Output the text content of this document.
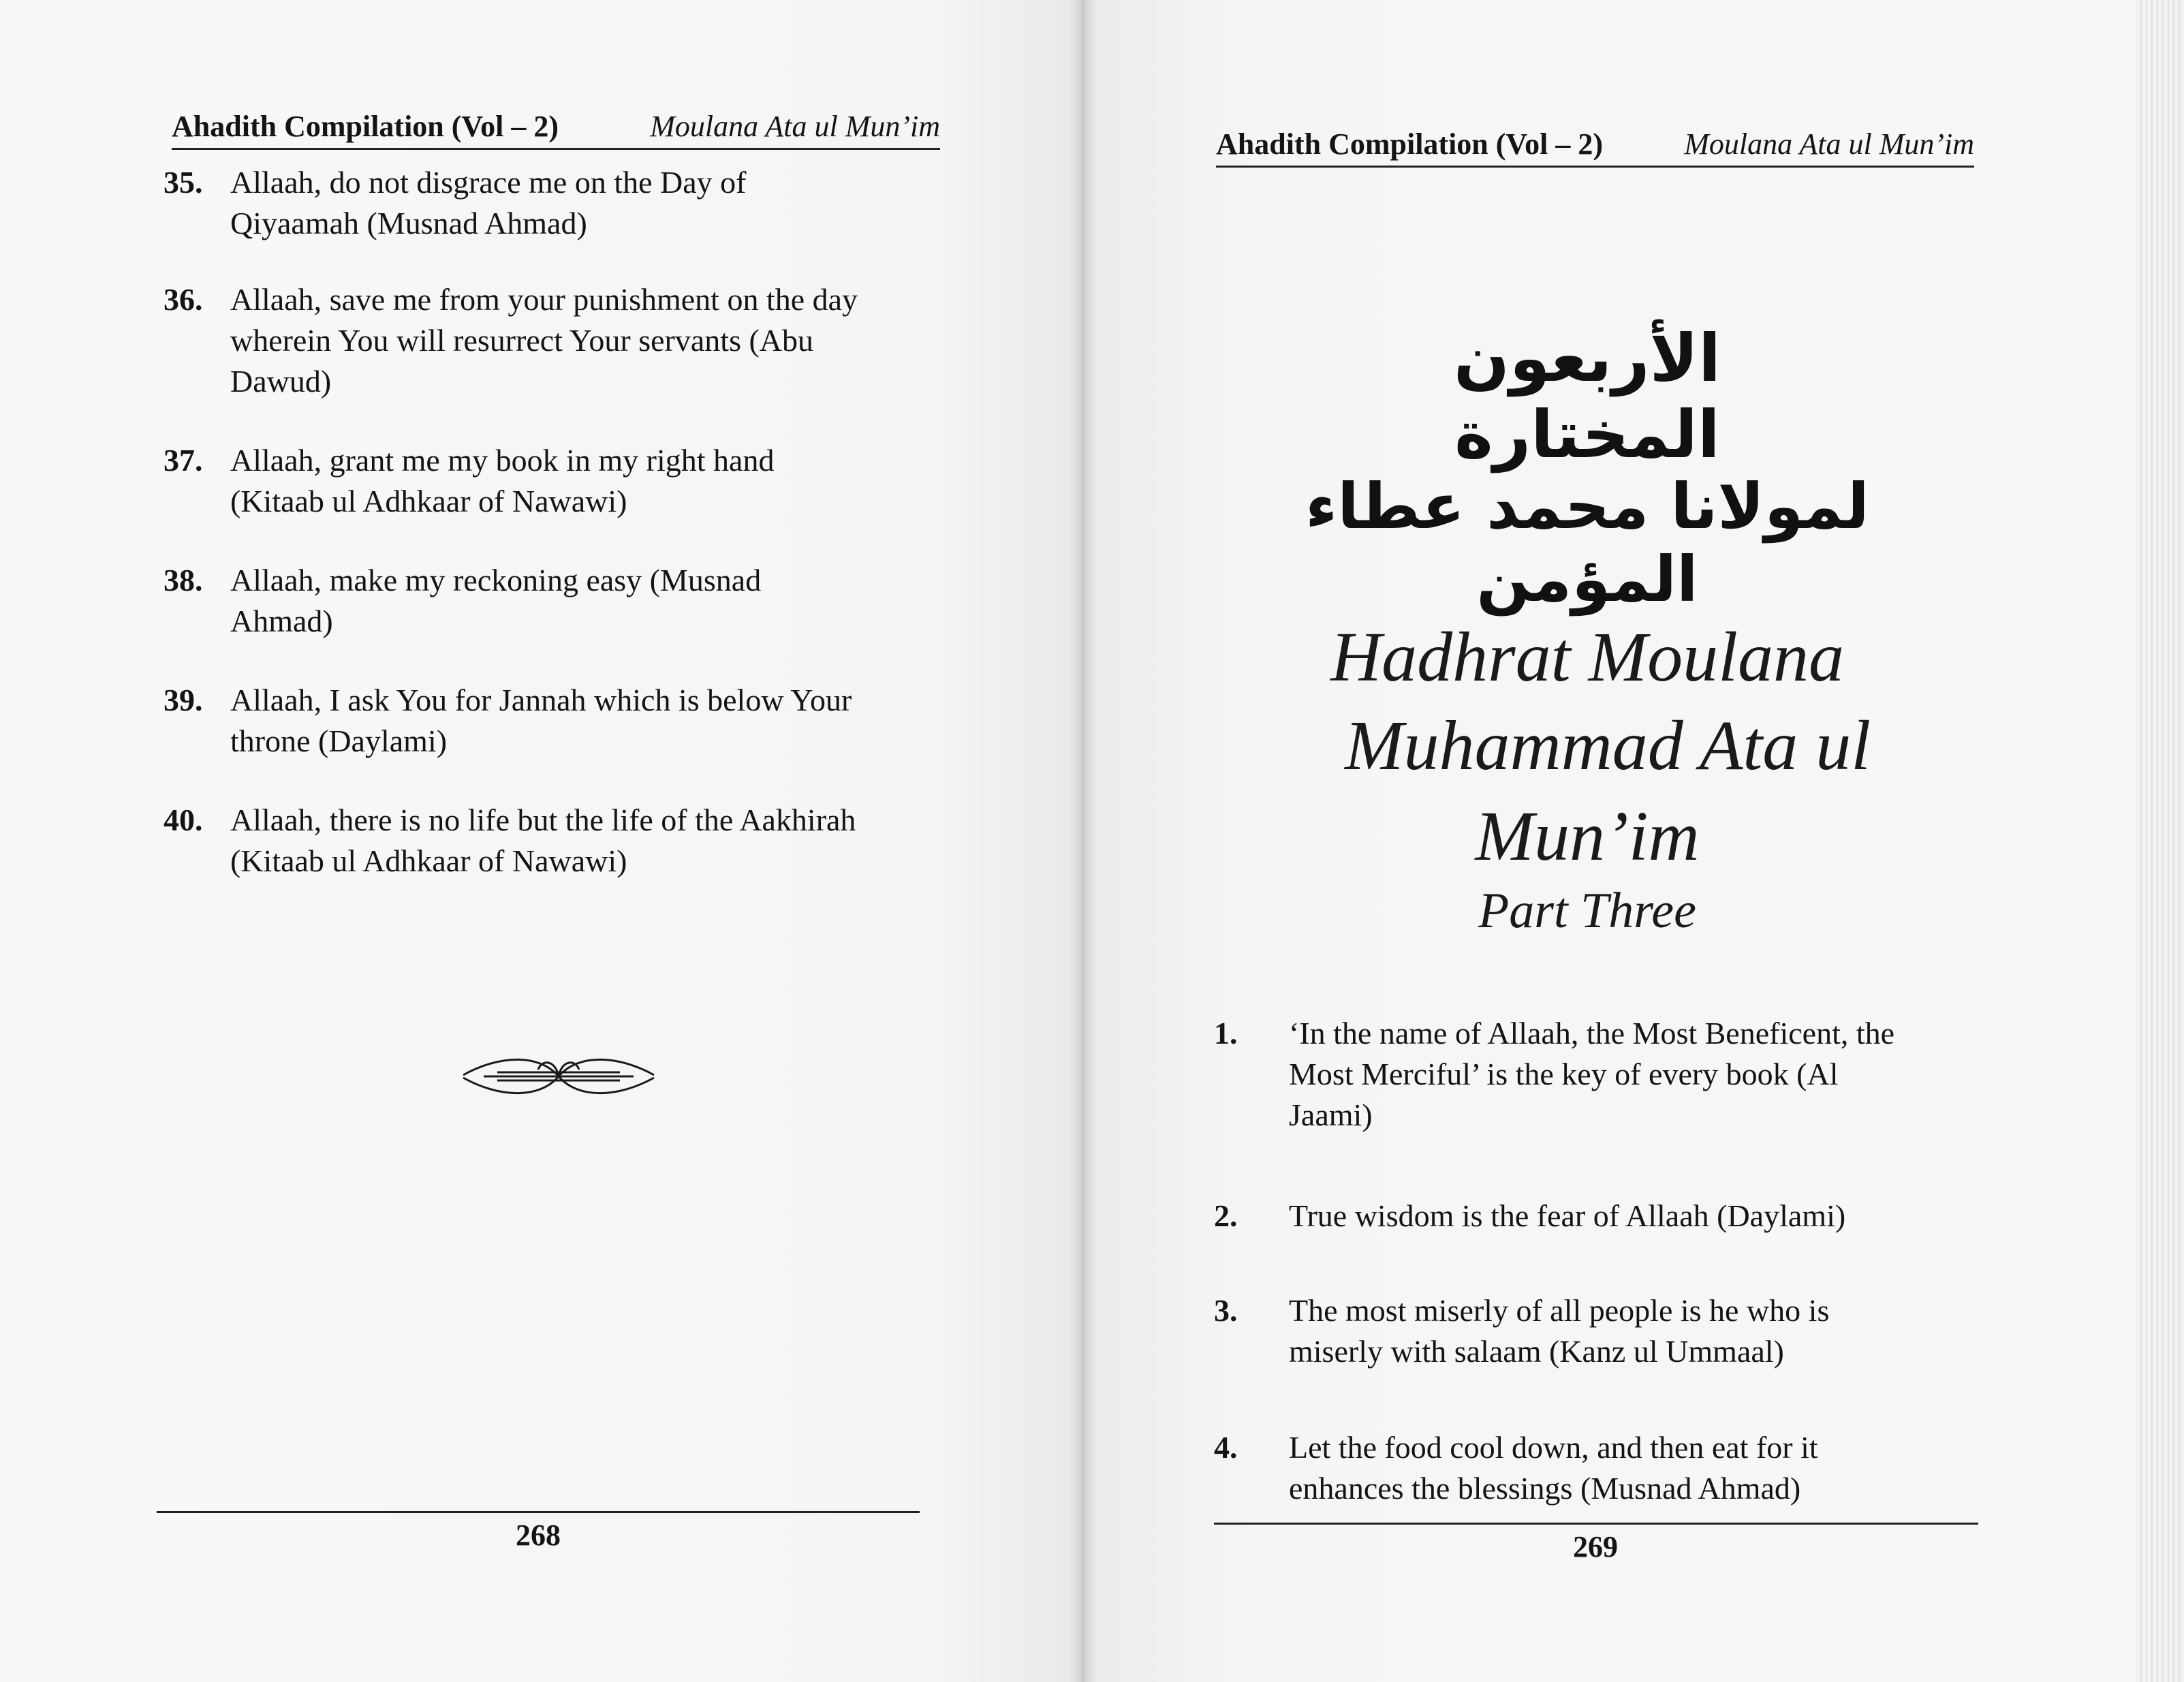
Ahadith Compilation (Vol – 2)	Moulana Ata ul Mun’im
35. Allaah, do not disgrace me on the Day of
Qiyaamah (Musnad Ahmad)
36. Allaah, save me from your punishment on the day
wherein You will resurrect Your servants (Abu
Dawud)
37. Allaah, grant me my book in my right hand
(Kitaab ul Adhkaar of Nawawi)
38. Allaah, make my reckoning easy (Musnad
Ahmad)
39. Allaah, I ask You for Jannah which is below Your
throne (Daylami)
40. Allaah, there is no life but the life of the Aakhirah
(Kitaab ul Adhkaar of Nawawi)
268
Ahadith Compilation (Vol – 2)	Moulana Ata ul Mun’im
الأربعون المختارة
لمولانا محمد عطاء المؤمن
Hadhrat Moulana
Muhammad Ata ul
Mun’im
Part Three
1.	‘In the name of Allaah, the Most Beneficent, the
Most Merciful’ is the key of every book (Al
Jaami)
2.	True wisdom is the fear of Allaah (Daylami)
3.	The most miserly of all people is he who is
miserly with salaam (Kanz ul Ummaal)
4.	Let the food cool down, and then eat for it
enhances the blessings (Musnad Ahmad)
269
